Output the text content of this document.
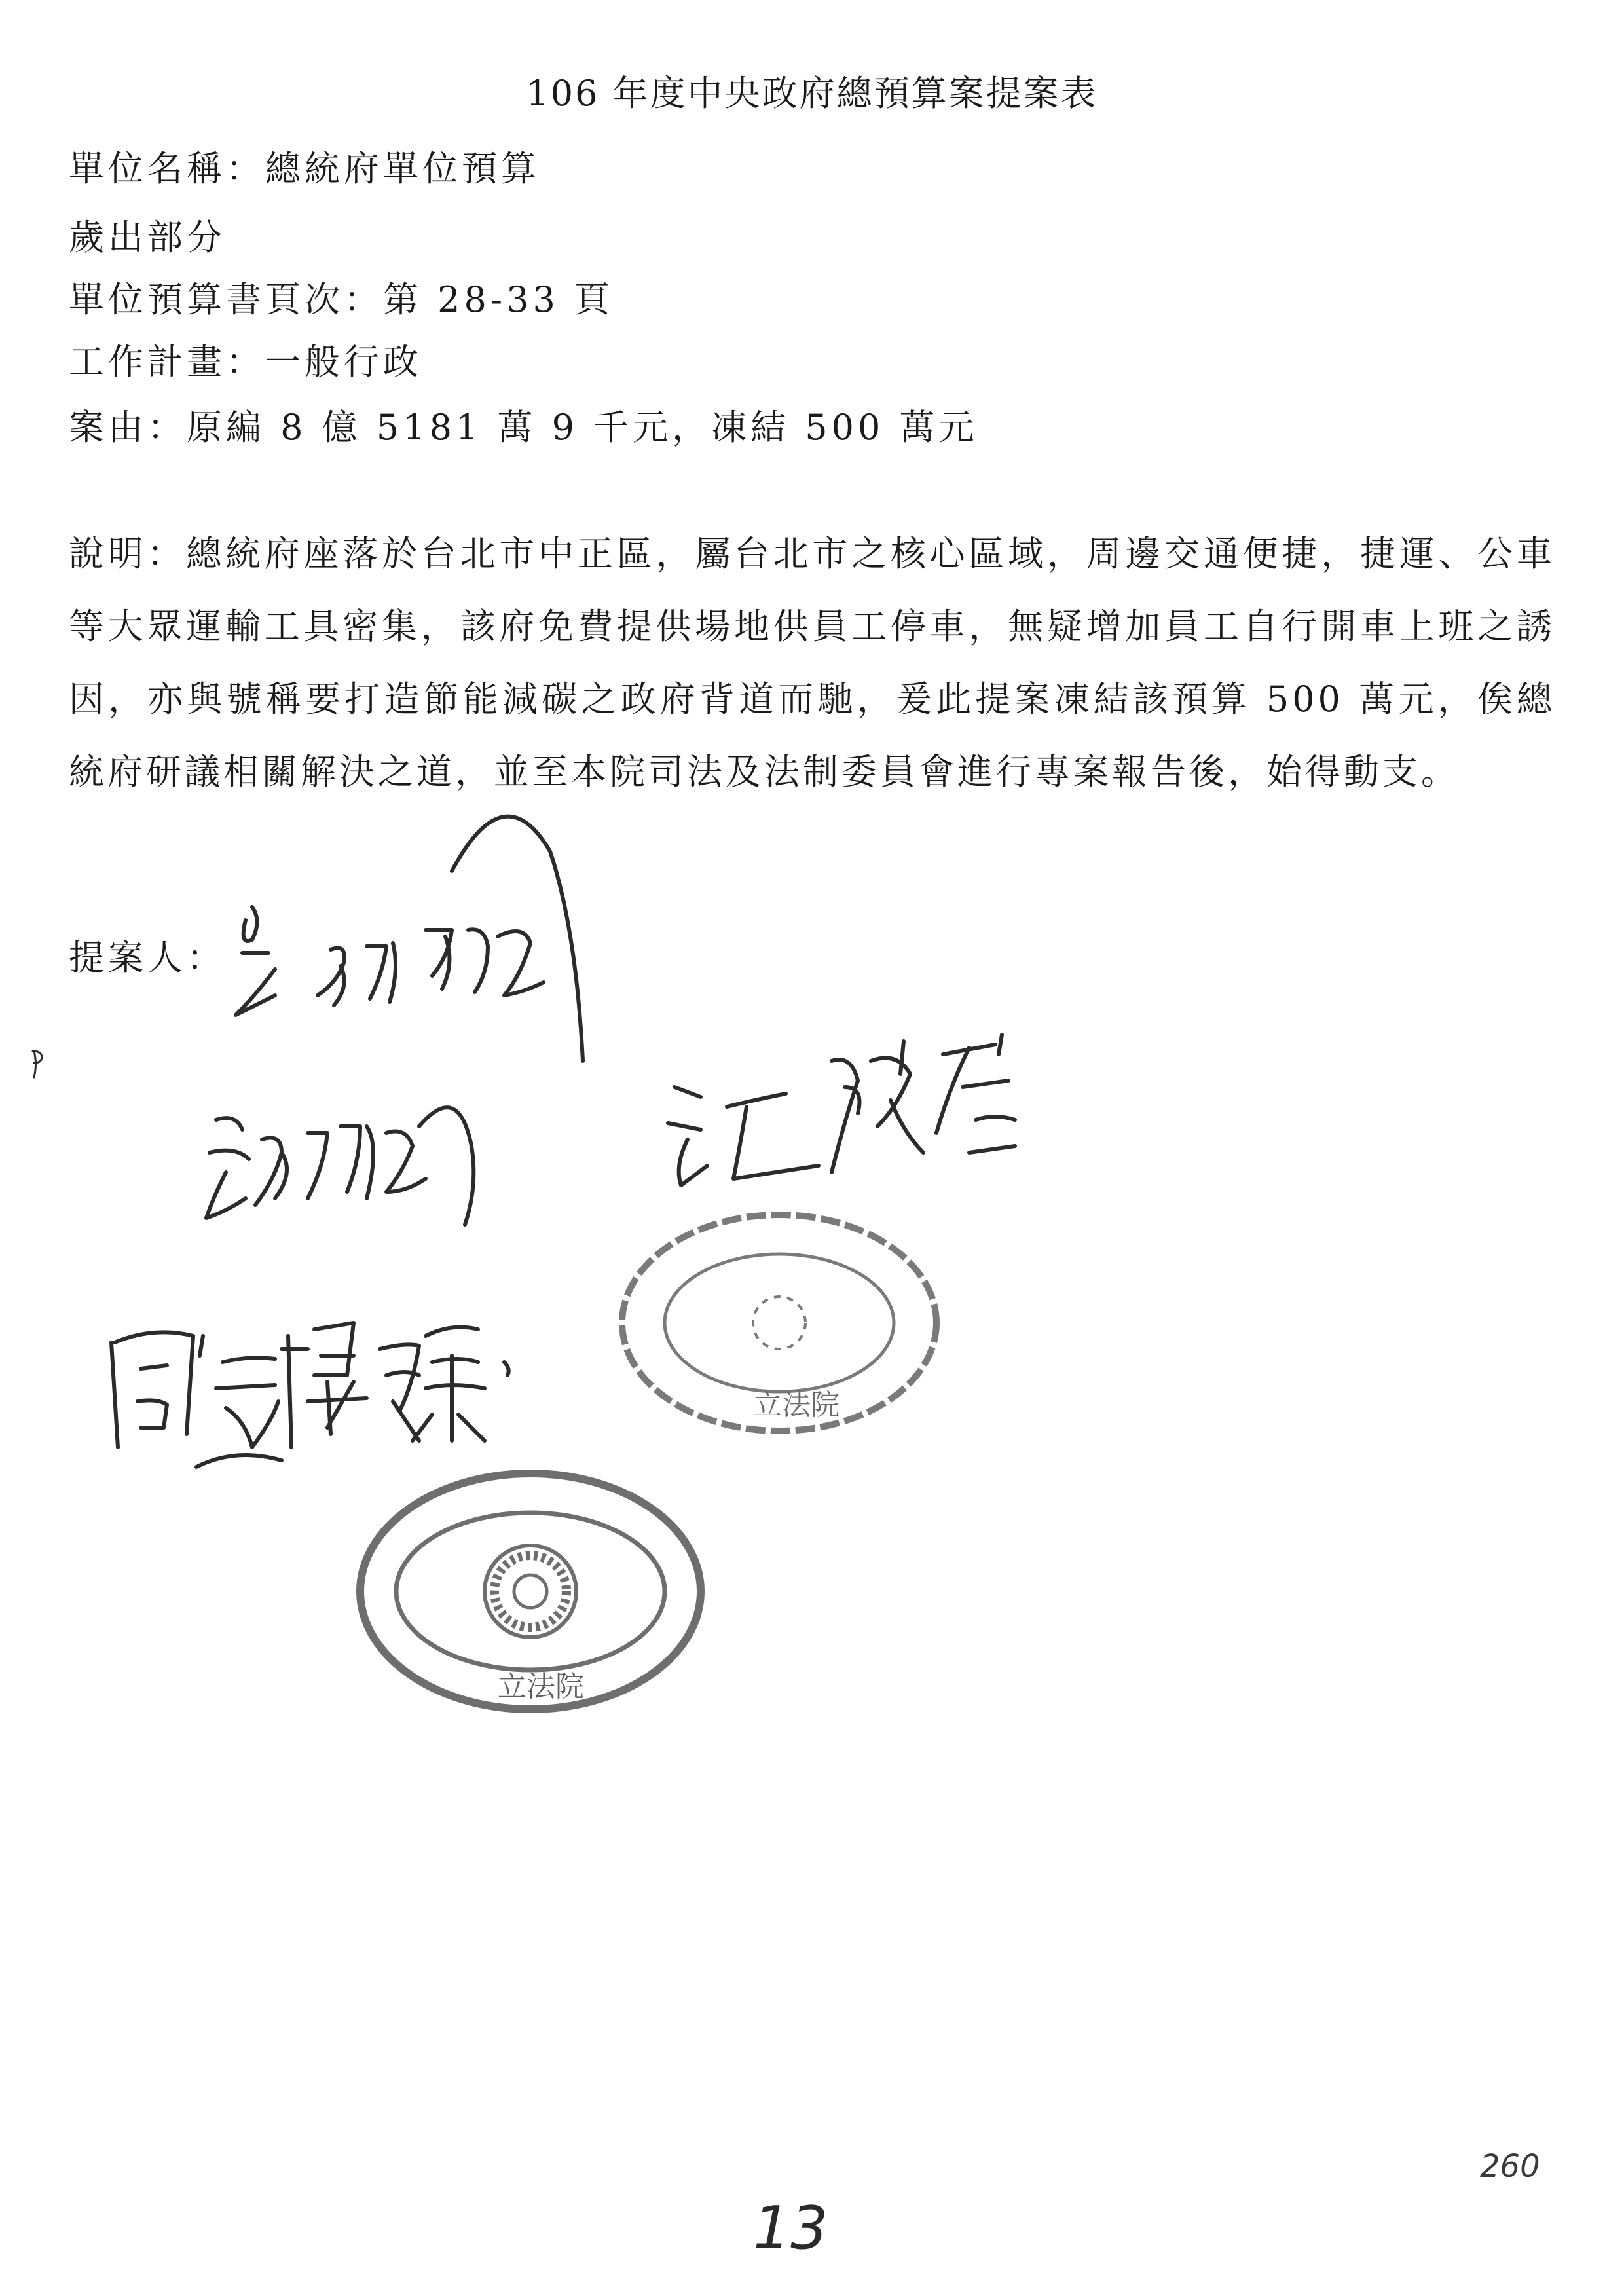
106 年度中央政府總預算案提案表
單位名稱：總統府單位預算
歲出部分
單位預算書頁次：第 28-33 頁
工作計畫：一般行政
案由：原編 8 億 5181 萬 9 千元，凍結 500 萬元
說明：總統府座落於台北市中正區，屬台北市之核心區域，周邊交通便捷，捷運、公車等大眾運輸工具密集，該府免費提供場地供員工停車，無疑增加員工自行開車上班之誘因，亦與號稱要打造節能減碳之政府背道而馳，爰此提案凍結該預算 500 萬元，俟總統府研議相關解決之道，並至本院司法及法制委員會進行專案報告後，始得動支。
提案人：
立法院
立法院
13
260
